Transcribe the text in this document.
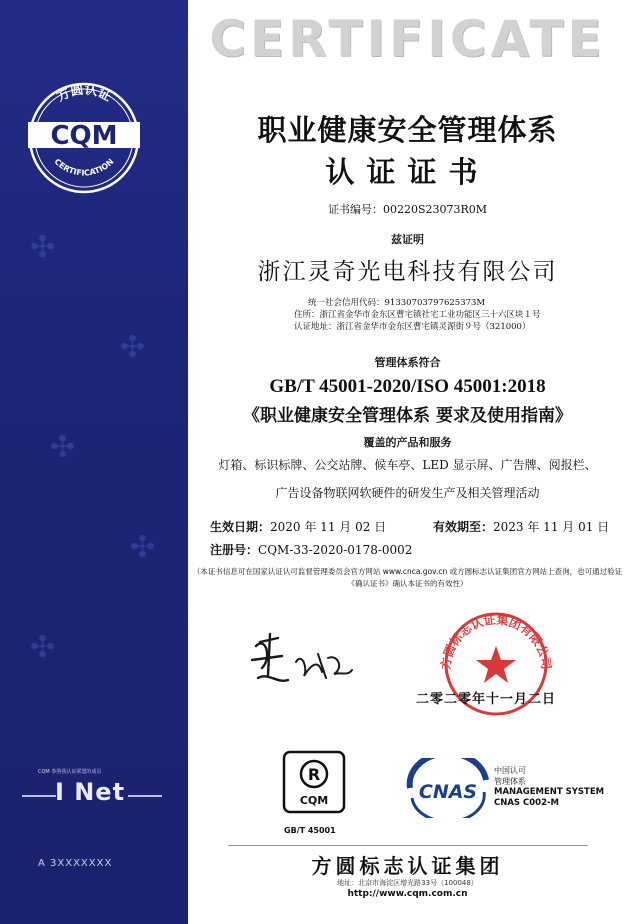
✣
✣
✣
✣
✣
方圆认证
CQM
CERTIFICATION
CQM 参照我认证联盟的成员
I Net
A 3XXXXXXX
CERTIFICATE
职业健康安全管理体系
认证证书
证书编号：00220S23073R0M
兹证明
浙江灵奇光电科技有限公司
统一社会信用代码：91330703797625373M
住所：浙江省金华市金东区曹宅镇社宅工业功能区三十六区块１号
认证地址：浙江省金华市金东区曹宅镇灵源街９号（321000）
管理体系符合
GB/T 45001-2020/ISO 45001:2018
《职业健康安全管理体系 要求及使用指南》
覆盖的产品和服务
灯箱、标识标牌、公交站牌、候车亭、LED 显示屏、广告牌、阅报栏、
广告设备物联网软硬件的研发生产及相关管理活动
生效日期：2020 年 11 月 02 日	有效期至：2023 年 11 月 01 日
注册号：CQM-33-2020-0178-0002
（本证书信息可在国家认证认可监督管理委员会官方网站 www.cnca.gov.cn 或方圆标志认证集团官方网站上查询，也可通过验证
《确认证书》确认本证书的有效性）
方圆标志认证集团有限公司
二零二零年十一月二日
R
CQM
GB/T 45001
CNAS
中国认可
管理体系
MANAGEMENT SYSTEM
CNAS C002-M
方圆标志认证集团
地址：北京市海淀区增光路33号（100048）
http://www.cqm.com.cn
